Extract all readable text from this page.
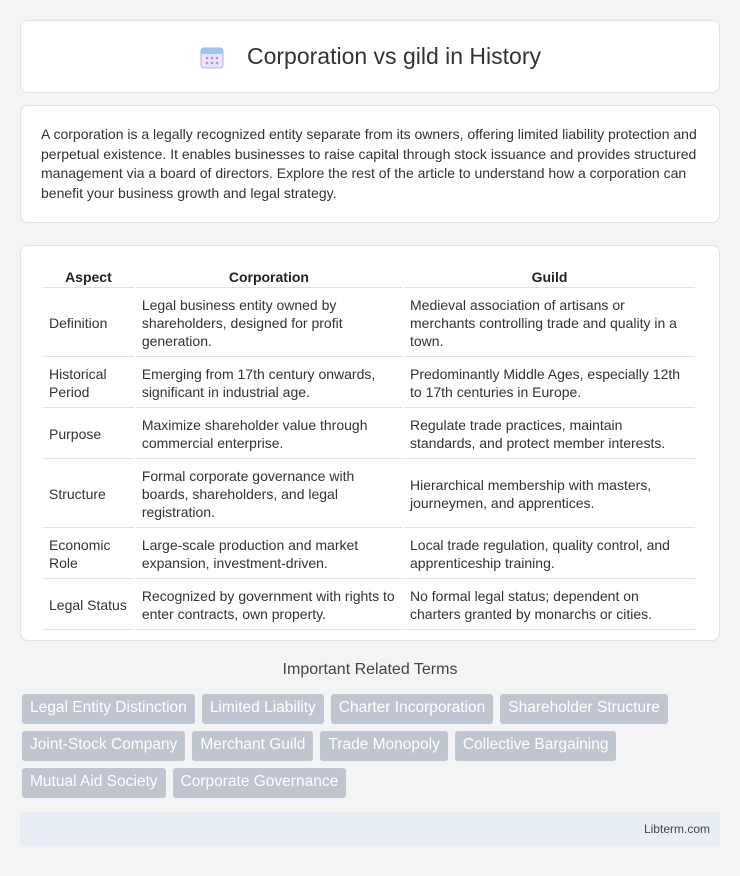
Corporation vs gild in History

A corporation is a legally recognized entity separate from its owners, offering limited liability protection and perpetual existence. It enables businesses to raise capital through stock issuance and provides structured management via a board of directors. Explore the rest of the article to understand how a corporation can benefit your business growth and legal strategy.

Aspect	Corporation	Guild
Definition	Legal business entity owned by shareholders, designed for profit generation.	Medieval association of artisans or merchants controlling trade and quality in a town.
Historical Period	Emerging from 17th century onwards, significant in industrial age.	Predominantly Middle Ages, especially 12th to 17th centuries in Europe.
Purpose	Maximize shareholder value through commercial enterprise.	Regulate trade practices, maintain standards, and protect member interests.
Structure	Formal corporate governance with boards, shareholders, and legal registration.	Hierarchical membership with masters, journeymen, and apprentices.
Economic Role	Large-scale production and market expansion, investment-driven.	Local trade regulation, quality control, and apprenticeship training.
Legal Status	Recognized by government with rights to enter contracts, own property.	No formal legal status; dependent on charters granted by monarchs or cities.
Important Related Terms
Legal Entity Distinction	Limited Liability	Charter Incorporation	Shareholder Structure
Joint-Stock Company	Merchant Guild	Trade Monopoly	Collective Bargaining
Mutual Aid Society	Corporate Governance
Libterm.com
